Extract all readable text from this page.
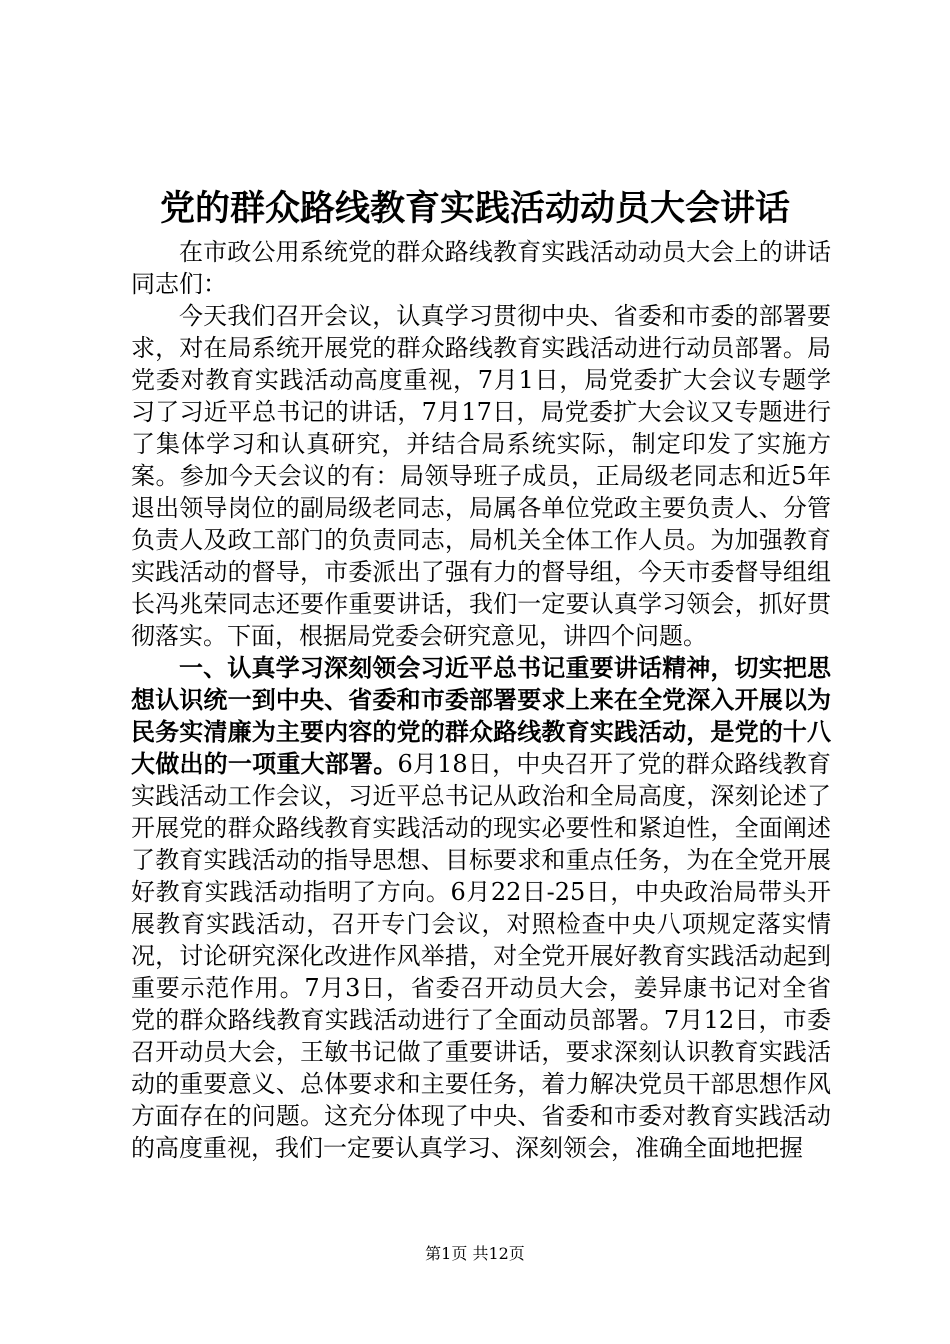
党的群众路线教育实践活动动员大会讲话

在市政公用系统党的群众路线教育实践活动动员大会上的讲话同志们：

今天我们召开会议，认真学习贯彻中央、省委和市委的部署要求，对在局系统开展党的群众路线教育实践活动进行动员部署。局党委对教育实践活动高度重视，7月1日，局党委扩大会议专题学习了习近平总书记的讲话，7月17日，局党委扩大会议又专题进行了集体学习和认真研究，并结合局系统实际，制定印发了实施方案。参加今天会议的有：局领导班子成员，正局级老同志和近5年退出领导岗位的副局级老同志，局属各单位党政主要负责人、分管负责人及政工部门的负责同志，局机关全体工作人员。为加强教育实践活动的督导，市委派出了强有力的督导组，今天市委督导组组长冯兆荣同志还要作重要讲话，我们一定要认真学习领会，抓好贯彻落实。下面，根据局党委会研究意见，讲四个问题。

一、认真学习深刻领会习近平总书记重要讲话精神，切实把思想认识统一到中央、省委和市委部署要求上来在全党深入开展以为民务实清廉为主要内容的党的群众路线教育实践活动，是党的十八大做出的一项重大部署。6月18日，中央召开了党的群众路线教育实践活动工作会议，习近平总书记从政治和全局高度，深刻论述了开展党的群众路线教育实践活动的现实必要性和紧迫性，全面阐述了教育实践活动的指导思想、目标要求和重点任务，为在全党开展好教育实践活动指明了方向。6月22日-25日，中央政治局带头开展教育实践活动，召开专门会议，对照检查中央八项规定落实情况，讨论研究深化改进作风举措，对全党开展好教育实践活动起到重要示范作用。7月3日，省委召开动员大会，姜异康书记对全省党的群众路线教育实践活动进行了全面动员部署。7月12日，市委召开动员大会，王敏书记做了重要讲话，要求深刻认识教育实践活动的重要意义、总体要求和主要任务，着力解决党员干部思想作风方面存在的问题。这充分体现了中央、省委和市委对教育实践活动的高度重视，我们一定要认真学习、深刻领会，准确全面地把握

第1页 共12页
